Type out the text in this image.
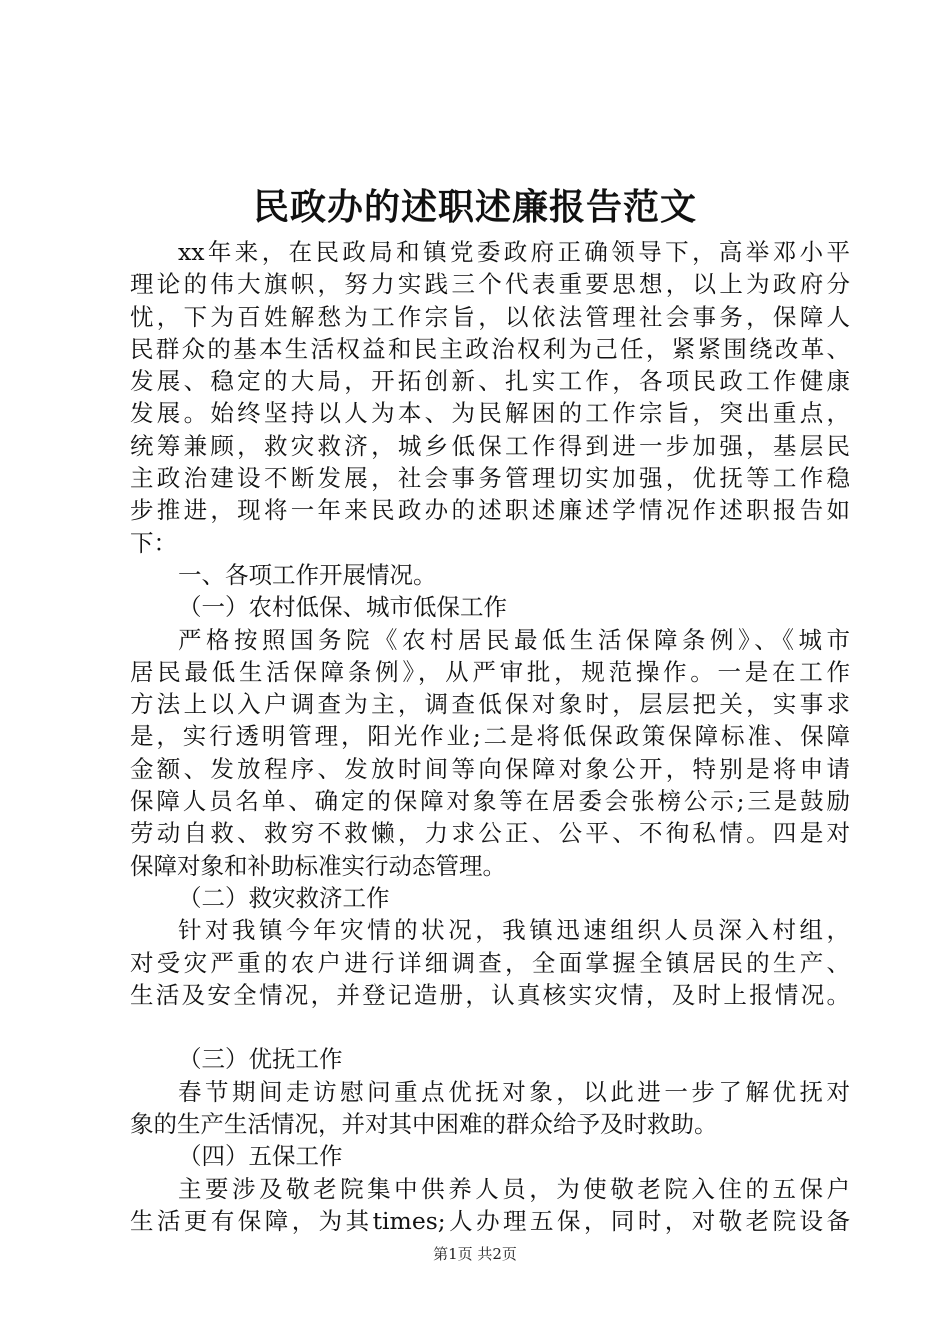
民政办的述职述廉报告范文
xx年来，在民政局和镇党委政府正确领导下，高举邓小平
理论的伟大旗帜，努力实践三个代表重要思想，以上为政府分
忧，下为百姓解愁为工作宗旨，以依法管理社会事务，保障人
民群众的基本生活权益和民主政治权利为己任，紧紧围绕改革、
发展、稳定的大局，开拓创新、扎实工作，各项民政工作健康
发展。始终坚持以人为本、为民解困的工作宗旨，突出重点，
统筹兼顾，救灾救济，城乡低保工作得到进一步加强，基层民
主政治建设不断发展，社会事务管理切实加强，优抚等工作稳
步推进，现将一年来民政办的述职述廉述学情况作述职报告如
下：
一、各项工作开展情况。
（一）农村低保、城市低保工作
严格按照国务院《农村居民最低生活保障条例》、《城市
居民最低生活保障条例》，从严审批，规范操作。一是在工作
方法上以入户调查为主，调查低保对象时，层层把关，实事求
是，实行透明管理，阳光作业;二是将低保政策保障标准、保障
金额、发放程序、发放时间等向保障对象公开，特别是将申请
保障人员名单、确定的保障对象等在居委会张榜公示;三是鼓励
劳动自救、救穷不救懒，力求公正、公平、不徇私情。四是对
保障对象和补助标准实行动态管理。
（二）救灾救济工作
针对我镇今年灾情的状况，我镇迅速组织人员深入村组，
对受灾严重的农户进行详细调查，全面掌握全镇居民的生产、
生活及安全情况，并登记造册，认真核实灾情，及时上报情况。
（三）优抚工作
春节期间走访慰问重点优抚对象，以此进一步了解优抚对
象的生产生活情况，并对其中困难的群众给予及时救助。
（四）五保工作
主要涉及敬老院集中供养人员，为使敬老院入住的五保户
生活更有保障，为其times;人办理五保，同时，对敬老院设备
第1页 共2页
